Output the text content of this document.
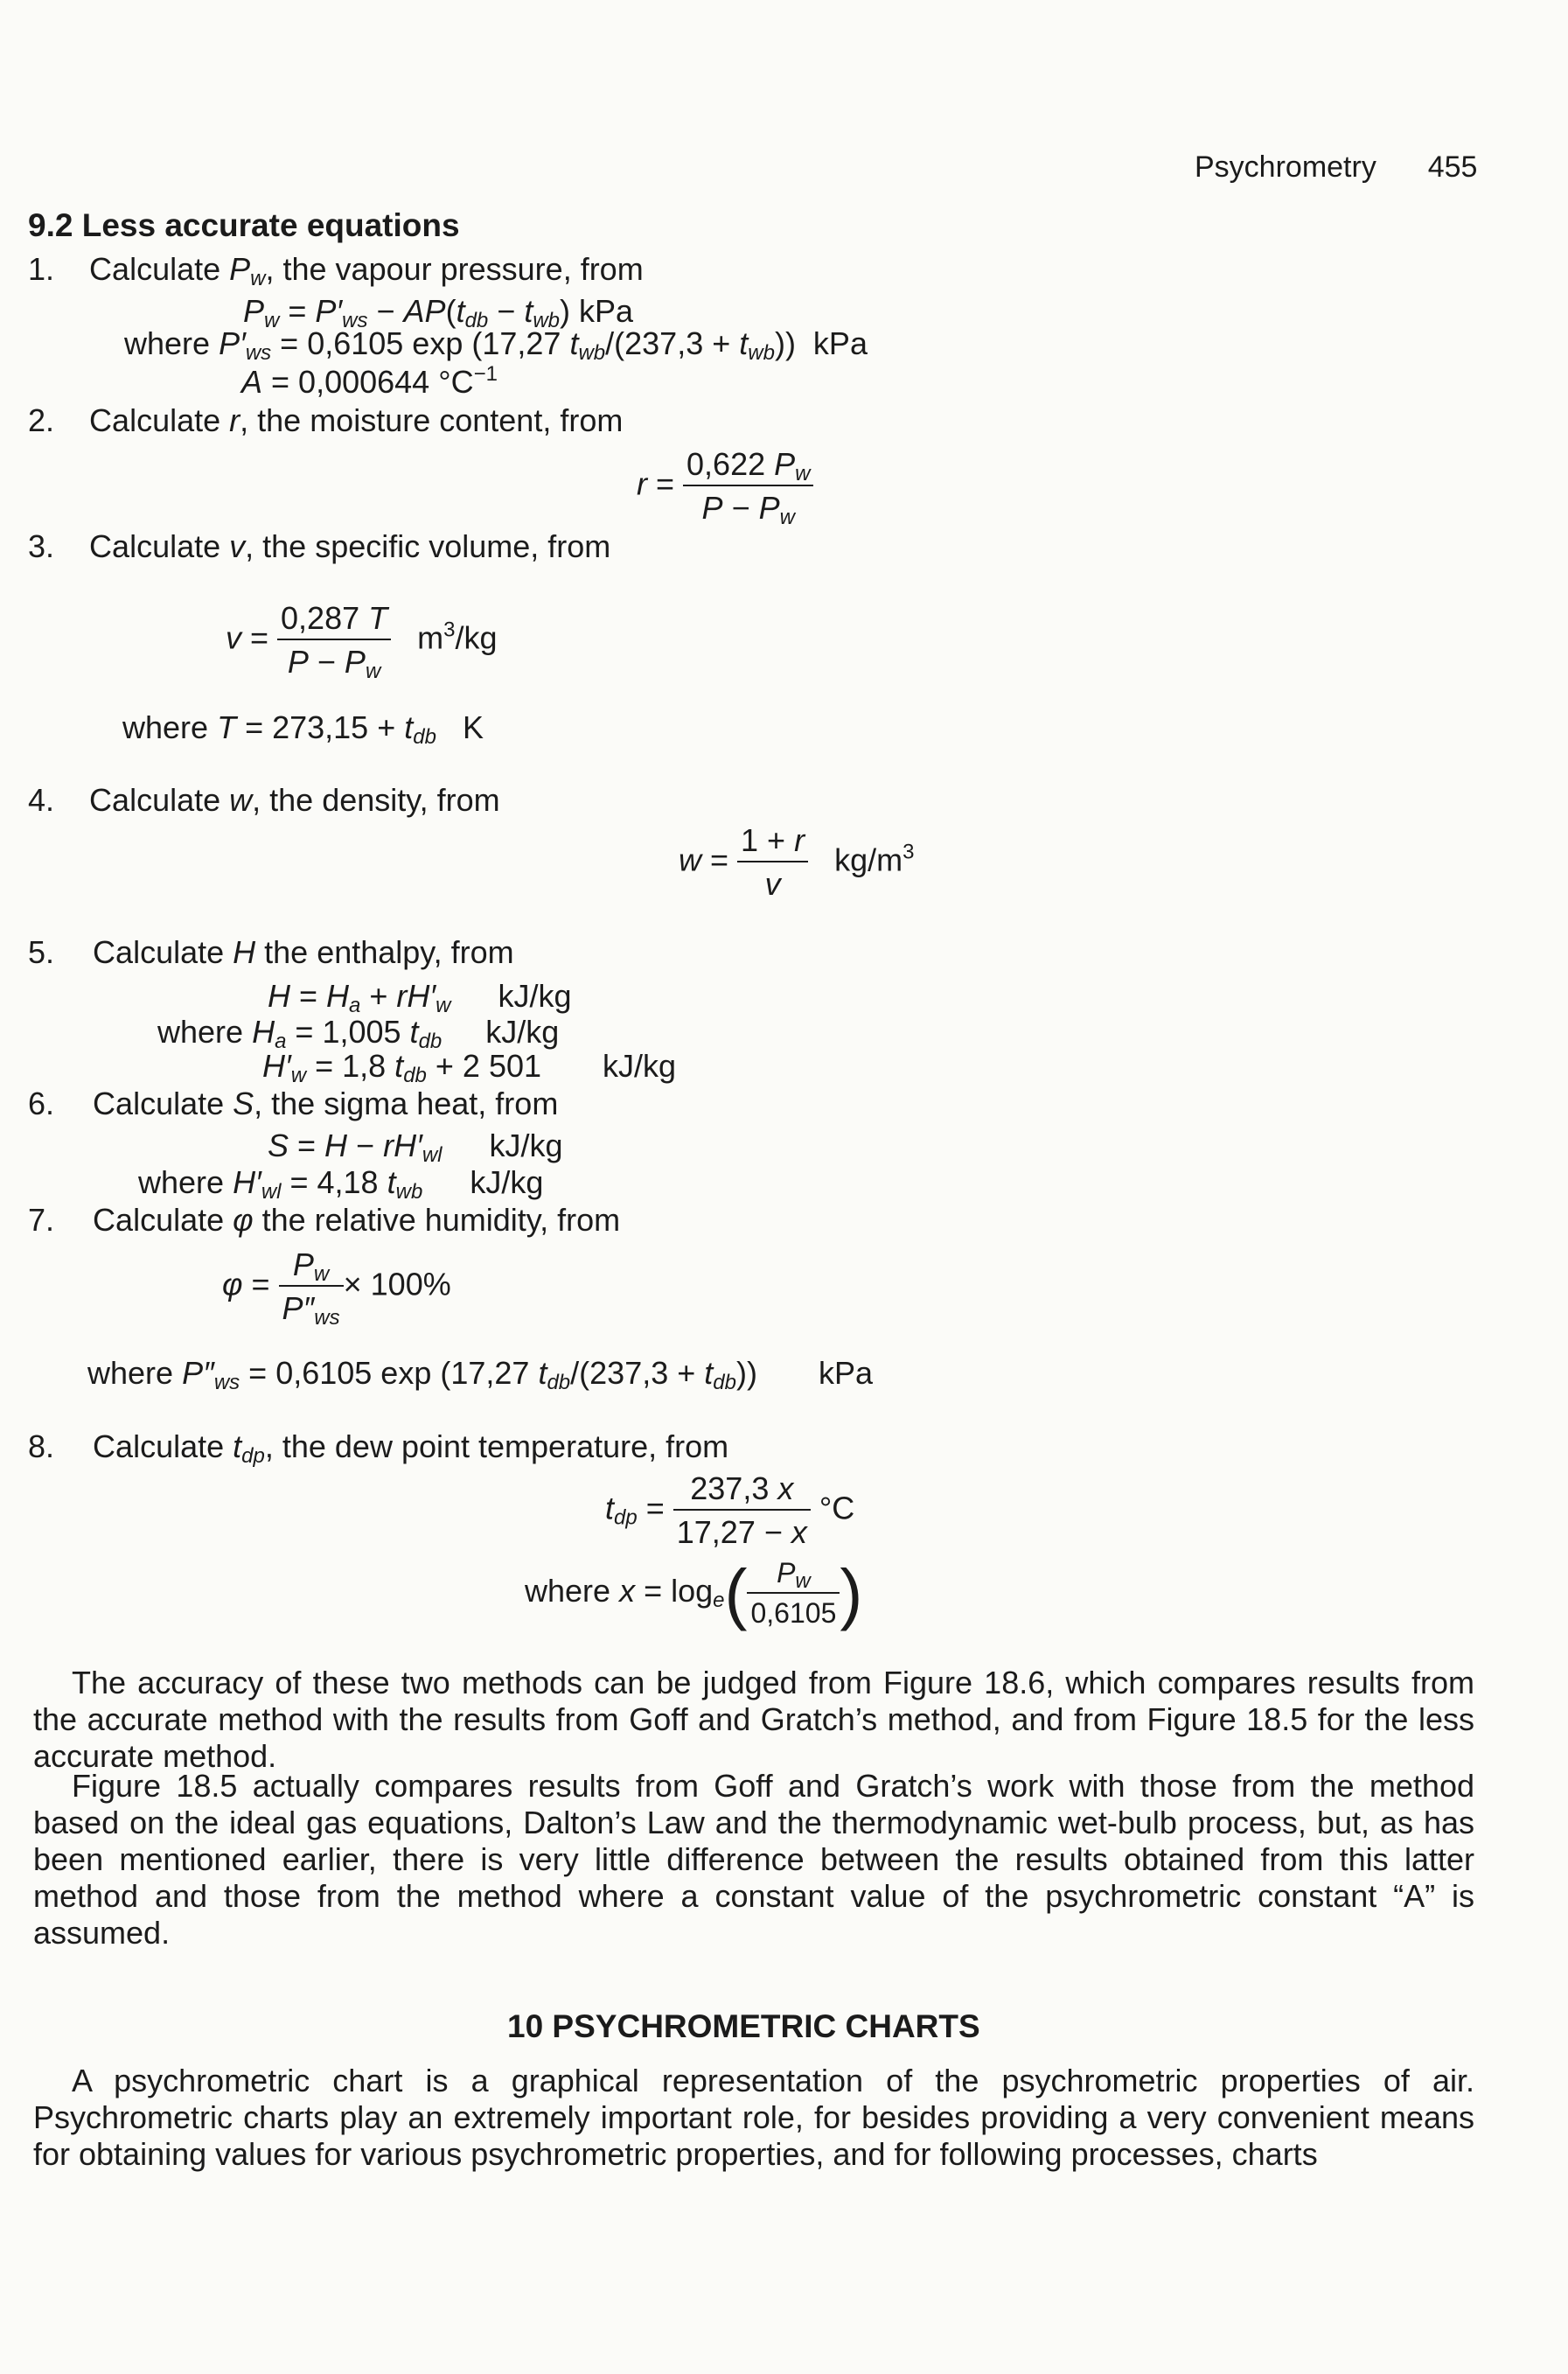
Psychrometry 455
9.2 Less accurate equations
1. Calculate $P_w$, the vapour pressure, from
$P_w = P'_{ws} - AP(t_{db} - t_{wb})$ kPa
where $P'_{ws} = 0,6105$ exp (17,27 $t_{wb}/(237,3 + t_{wb})$)  kPa
A = 0,000644 $^\circ C^{-1}$
2. Calculate r, the moisture content, from
$r = \frac{0,622 P_w}{P - P_w}$
3. Calculate v, the specific volume, from
$v = \frac{0,287 T}{P - P_w} m^3/kg$
where $T = 273,15 + t_{db}$   K
4. Calculate w, the density, from
$w = \frac{1 + r}{v} kg/m^3$
5. Calculate H the enthalpy, from
$H = H_a + rH'_w$ kJ/kg
where $H_a = 1,005$ $t_{db}$ kJ/kg
$H'_w = 1,8$ $t_{db} + 2$ 501 kJ/kg
6. Calculate S, the sigma heat, from
$S = H - rH'_{wl}$ kJ/kg
where $H'_{wl} = 4,18$ $t_{wb}$ kJ/kg
7. Calculate φ the relative humidity, from
$\varphi = \frac{P_w}{P''_{ws}} \times 100\%$
where $P''_{ws} = 0,6105$ exp (17,27 $t_{db}/(237,3 + t_{db})$) kPa
8. Calculate $t_{dp}$, the dew point temperature, from
$t_{dp} = \frac{237,3 x}{17,27 - x} ^\circ C$
where $x = \log_e( \frac{P_w}{0,6105}$ )
The accuracy of these two methods can be judged from Figure 18.6, which compares results from the accurate method with the results from Goff and Gratch’s method, and from Figure 18.5 for the less accurate method.
Figure 18.5 actually compares results from Goff and Gratch’s work with those from the method based on the ideal gas equations, Dalton’s Law and the thermodynamic wet-bulb process, but, as has been mentioned earlier, there is very little difference between the results obtained from this latter method and those from the method where a constant value of the psychrometric constant “A” is assumed.
10 PSYCHROMETRIC CHARTS
A psychrometric chart is a graphical representation of the psychrometric properties of air. Psychrometric charts play an extremely important role, for besides providing a very convenient means for obtaining values for various psychrometric properties, and for following processes, charts
